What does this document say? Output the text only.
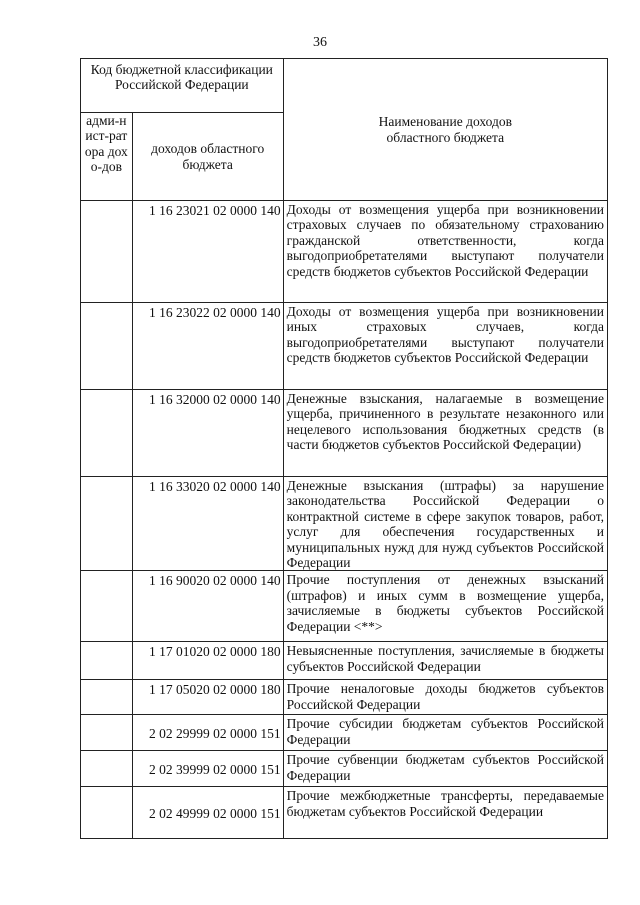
36
Код бюджетной классификации Российской Федерации		Наименование доходов областного бюджета
адми-нист-ратора дохо-дов	доходов областного бюджета	
	1 16 23021 02 0000 140	Доходы от возмещения ущерба при возникновении страховых случаев по обязательному страхованию гражданской ответственности, когда выгодоприобретателями выступают получатели средств бюджетов субъектов Российской Федерации
	1 16 23022 02 0000 140	Доходы от возмещения ущерба при возникновении иных страховых случаев, когда выгодоприобретателями выступают получатели средств бюджетов субъектов Российской Федерации
	1 16 32000 02 0000 140	Денежные взыскания, налагаемые в возмещение ущерба, причиненного в результате незаконного или нецелевого использования бюджетных средств (в части бюджетов субъектов Российской Федерации)
	1 16 33020 02 0000 140	Денежные взыскания (штрафы) за нарушение законодательства Российской Федерации о контрактной системе в сфере закупок товаров, работ, услуг для обеспечения государственных и муниципальных нужд для нужд субъектов Российской Федерации
	1 16 90020 02 0000 140	Прочие поступления от денежных взысканий (штрафов) и иных сумм в возмещение ущерба, зачисляемые в бюджеты субъектов Российской Федерации <**>
	1 17 01020 02 0000 180	Невыясненные поступления, зачисляемые в бюджеты субъектов Российской Федерации
	1 17 05020 02 0000 180	Прочие неналоговые доходы бюджетов субъектов Российской Федерации
	2 02 29999 02 0000 151	Прочие субсидии бюджетам субъектов Российской Федерации
	2 02 39999 02 0000 151	Прочие субвенции бюджетам субъектов Российской Федерации
	2 02 49999 02 0000 151	Прочие межбюджетные трансферты, передаваемые бюджетам субъектов Российской Федерации
